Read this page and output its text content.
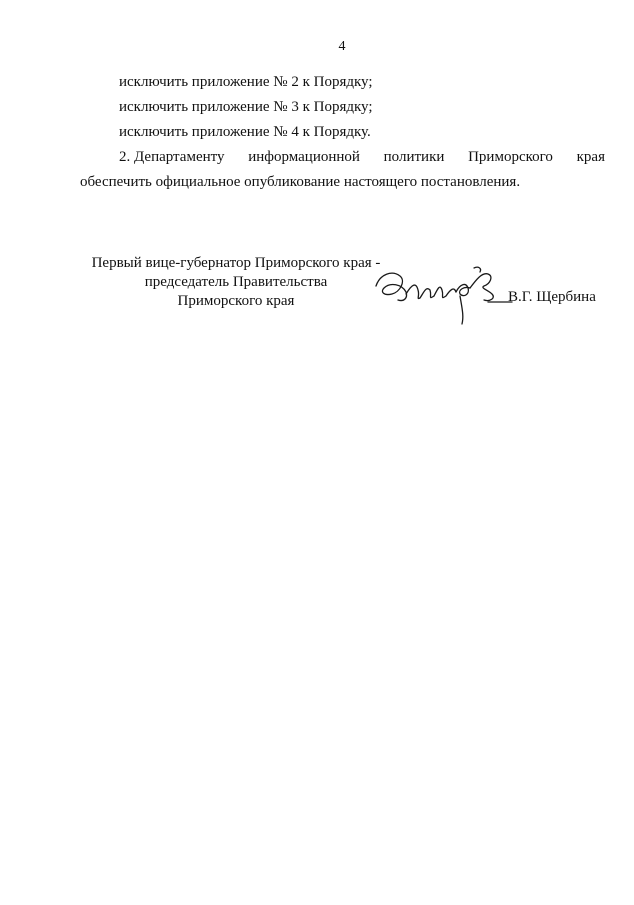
4
исключить приложение № 2 к Порядку;
исключить приложение № 3 к Порядку;
исключить приложение № 4 к Порядку.
2. Департаменту информационной политики Приморского края
обеспечить официальное опубликование настоящего постановления.
Первый вице-губернатор Приморского края -
председатель Правительства
Приморского края	В.Г. Щербина
